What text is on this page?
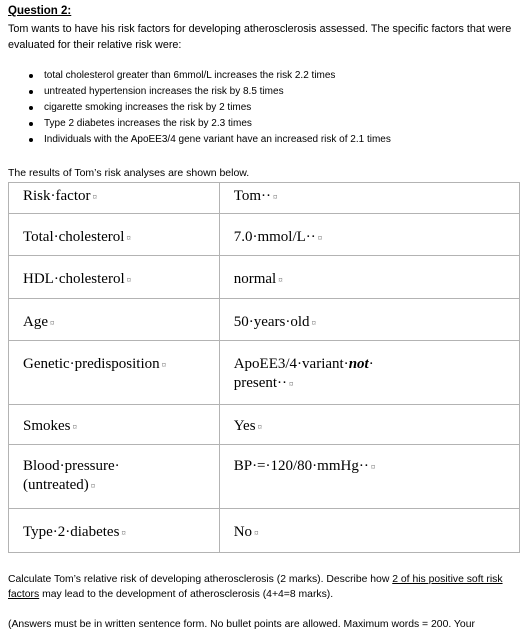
Question 2:
Tom wants to have his risk factors for developing atherosclerosis assessed. The specific factors that were evaluated for their relative risk were:
total cholesterol greater than 6mmol/L increases the risk 2.2 times
untreated hypertension increases the risk by 8.5 times
cigarette smoking increases the risk by 2 times
Type 2 diabetes increases the risk by 2.3 times
Individuals with the ApoEE3/4 gene variant have an increased risk of 2.1 times
The results of Tom’s risk analyses are shown below.
Risk·factor ¤	Tom·· ¤
Total·cholesterol ¤	7.0·mmol/L·· ¤
HDL·cholesterol ¤	normal ¤
Age ¤	50·years·old ¤
Genetic·predisposition ¤	ApoEE3/4·variant·not·
present·· ¤
Smokes ¤	Yes ¤
Blood·pressure·
(untreated) ¤	BP·=·120/80·mmHg·· ¤
Type·2·diabetes ¤	No ¤
Calculate Tom’s relative risk of developing atherosclerosis (2 marks). Describe how 2 of his positive soft risk factors may lead to the development of atherosclerosis (4+4=8 marks).
(Answers must be in written sentence form. No bullet points are allowed. Maximum words = 200. Your
